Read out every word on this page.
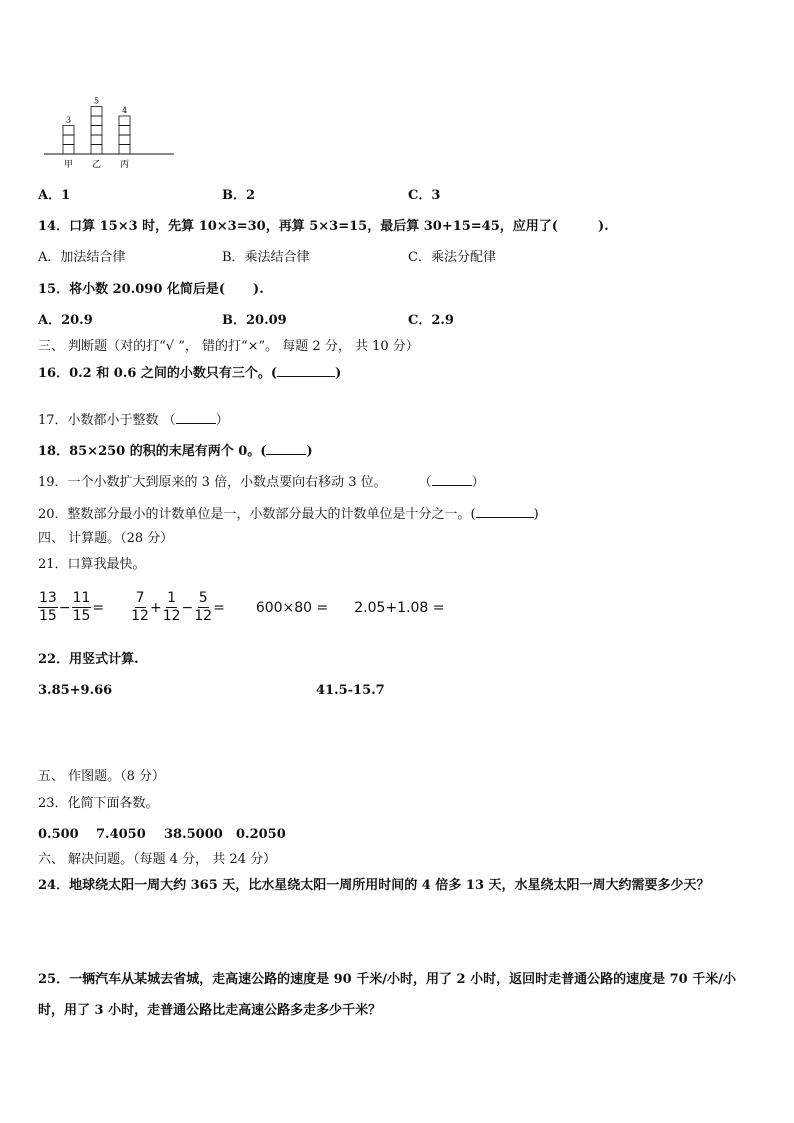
3
甲
5
乙
4
丙
A．1	B．2	C．3
14．口算 15×3 时，先算 10×3=30，再算 5×3=15，最后算 30+15=45，应用了(	).
A．加法结合律	B．乘法结合律	C．乘法分配律
15．将小数 20.090 化简后是( ).
A．20.9	B．20.09	C．2.9
三、 判断题（对的打“√ ”， 错的打“×”。 每题 2 分， 共 10 分）
16．0.2 和 0.6 之间的小数只有三个。(	)
17．小数都小于整数 （	）
18．85×250 的积的末尾有两个 0。(	)
19．一个小数扩大到原来的 3 倍，小数点要向右移动 3 位。 （	）
20．整数部分最小的计数单位是一，小数部分最大的计数单位是十分之一。(	)
四、 计算题。（28 分）
21．口算我最快。
$\frac{13}{15} - \frac{11}{15} = \frac{7}{12} + \frac{1}{12} - \frac{5}{12} = 600\times 80 = 2.05+1.08$ =
22．用竖式计算.
3.85+9.66	41.5-15.7
五、 作图题。（8 分）
23．化简下面各数。
0.500 7.4050 38.5000 0.2050
六、 解决问题。（每题 4 分， 共 24 分）
24．地球绕太阳一周大约 365 天，比水星绕太阳一周所用时间的 4 倍多 13 天，水星绕太阳一周大约需要多少天？
25．一辆汽车从某城去省城，走高速公路的速度是 90 千米/小时，用了 2 小时，返回时走普通公路的速度是 70 千米/小
时，用了 3 小时，走普通公路比走高速公路多走多少千米？
